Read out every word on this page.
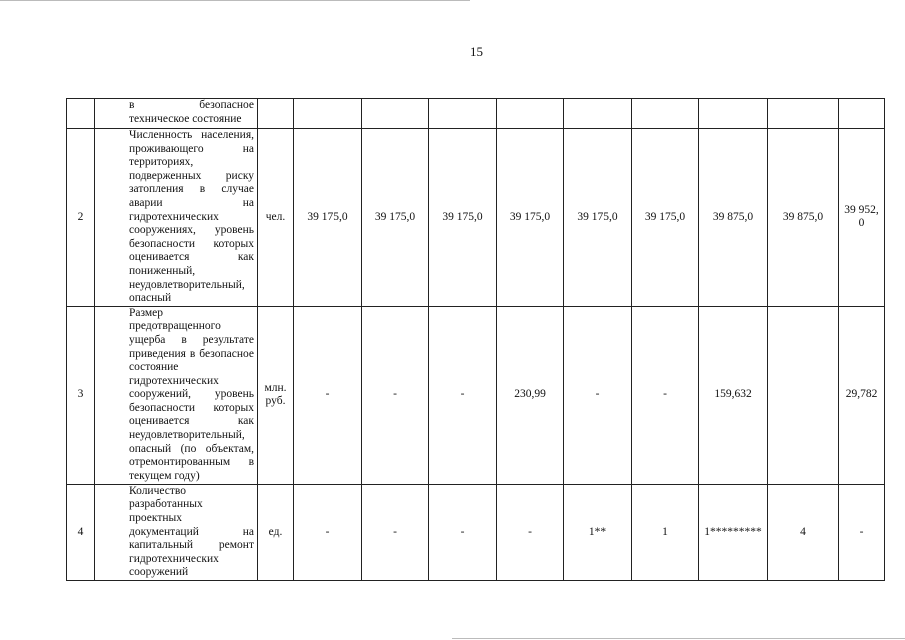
15

	в безопасное техническое состояние										

2	Численность населения, проживающего на территориях, подверженных риску затопления в случае аварии на гидротехнических сооружениях, уровень безопасности которых оценивается как пониженный, неудовлетворительный, опасный	чел.	39 175,0	39 175,0	39 175,0	39 175,0	39 175,0	39 175,0	39 875,0	39 875,0	39 952,0
3	Размер предотвращенного ущерба в результате приведения в безопасное состояние гидротехнических сооружений, уровень безопасности которых оценивается как неудовлетворительный, опасный (по объектам, отремонтированным в текущем году)	млн. руб.	-	-	-	230,99	-	-	159,632		29,782
4	Количество разработанных проектных документаций на капитальный ремонт гидротехнических сооружений	ед.	-	-	-	-	1**	1	1*********	4	-
